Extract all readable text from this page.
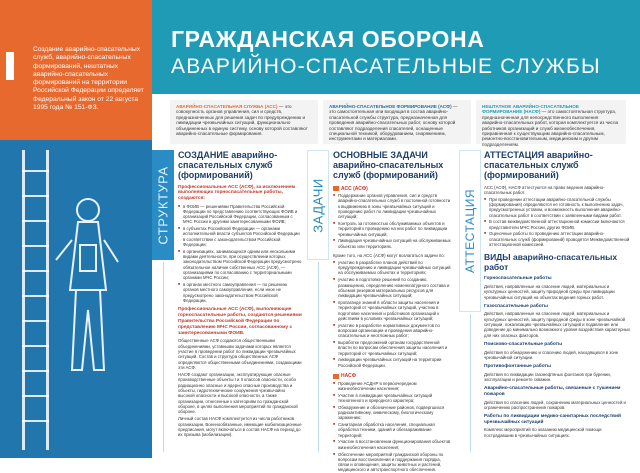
Создание аварийно-спасательных служб, аварийно-спасательных формирований, нештатных аварийно-спасательных формирований на территории Российской Федерации определяет Федеральный закон от 22 августа 1995 года № 151-ФЗ.
ГРАЖДАНСКАЯ ОБОРОНА
АВАРИЙНО-СПАСАТЕЛЬНЫЕ СЛУЖБЫ
АВАРИЙНО-СПАСАТЕЛЬНАЯ СЛУЖБА (АСС) — это совокупность органов управления, сил и средств, предназначенных для решения задач по предупреждению и ликвидации чрезвычайных ситуаций, функционально объединенных в единую систему, основу которой составляют аварийно-спасательные формирования.
АВАРИЙНО-СПАСАТЕЛЬНОЕ ФОРМИРОВАНИЕ (АСФ) — это самостоятельная или входящая в состав аварийно-спасательной службы структура, предназначенная для проведения аварийно-спасательных работ, основу которой составляют подразделения спасателей, оснащенные специальной техникой, оборудованием, снаряжением, инструментами и материалами.
НЕШТАТНОЕ АВАРИЙНО-СПАСАТЕЛЬНОЕ ФОРМИРОВАНИЕ (НАСФ) — это самостоятельная структура, предназначенная для непосредственного выполнения аварийно-спасательных работ, которая комплектуется из числа работников организаций и служб жизнеобеспечения, приравненная к существующим аварийно-спасательным, ремонтно-восстановительным, медицинским и другим подразделениям.
СТРУКТУРА	ЗАДАЧИ	АТТЕСТАЦИЯ
СОЗДАНИЕ аварийно-спасательных служб (формирований)
Профессиональные АСС (АСФ), за исключением выполняющих горноспасательные работы, создаются:
■ в ФОИВ — решениями Правительства Российской Федерации по представлению соответствующих ФОИВ и организаций Российской Федерации, согласованным с МЧС России и другими заинтересованными ФОИВ;
■ в субъектах Российской Федерации — органами исполнительной власти субъектов Российской Федерации в соответствии с законодательством Российской Федерации;
■ в организациях, занимающихся одним или несколькими видами деятельности, при осуществлении которых законодательством Российской Федерации предусмотрено обязательное наличие собственных АСС (АСФ), — организациями по согласованию с территориальными органами МЧС России;
■ в органах местного самоуправления — по решению органов местного самоуправления, если иное не предусмотрено законодательством Российской Федерации.
Профессиональные АСС (АСФ), выполняющие горноспасательные работы, создаются решениями Правительства Российской Федерации по представлению МЧС России, согласованному с заинтересованными ФОИВ.
Общественные АСФ создаются общественными объединениями, уставными задачами которых является участие в проведении работ по ликвидации чрезвычайных ситуаций. Состав и структура общественных АСФ определяются общественными объединениями, создающими эти АСФ.
НАСФ создают организации, эксплуатирующие опасные производственные объекты I и II классов опасности, особо радиационно опасные и ядерно опасные производства и объекты, гидротехнические сооружения чрезвычайно высокой опасности и высокой опасности, а также организации, отнесенные к категориям по гражданской обороне, в целях выполнения мероприятий по гражданской обороне.
Личный состав НАСФ комплектуется из числа работников организации. Военнообязанные, имеющие мобилизационные предписания, могут включаться в состав НАСФ на период до их призыва (мобилизации).
ОСНОВНЫЕ ЗАДАЧИ аварийно-спасательных служб (формирований)
АСС (АСФ)
■ Поддержание органов управления, сил и средств аварийно-спасательных служб в постоянной готовности к выдвижению в зоны чрезвычайных ситуаций и проведению работ по ликвидации чрезвычайных ситуаций;
■ Контроль за готовностью обслуживаемых объектов и территорий к проведению на них работ по ликвидации чрезвычайных ситуаций;
■ Ликвидация чрезвычайных ситуаций на обслуживаемых объектах или территориях.
Кроме того, на АСС (АСФ) могут возлагаться задачи по:
■ участию в разработке планов действий по предупреждению и ликвидации чрезвычайных ситуаций на обслуживаемых объектах и территориях;
■ участию в подготовке решений по созданию, размещению, определению номенклатурного состава и объемов резервов материальных ресурсов для ликвидации чрезвычайных ситуаций;
■ пропаганде знаний в области защиты населения и территорий от чрезвычайных ситуаций, участию в подготовке населения и работников организаций к действиям в условиях чрезвычайных ситуаций;
■ участию в разработке нормативных документов по вопросам организации и проведения аварийно-спасательных и неотложных работ;
■ выработке предложений органам государственной власти по вопросам обеспечения защиты населения и территорий от чрезвычайных ситуаций;
■ ликвидации чрезвычайных ситуаций на территории Российской Федерации.
НАСФ
■ Проведение АСДНР в первоочередном жизнеобеспечении населения;
■ Участие в ликвидации чрезвычайных ситуаций техногенного и природного характера;
■ Обнаружение и обозначение районов, подвергшихся радиоактивному, химическому, биологическому заражению;
■ Санитарная обработка населения, специальная обработка техники, зданий и обеззараживание территорий;
■ Участие в восстановлении функционирования объектов жизнеобеспечения населения;
■ Обеспечение мероприятий гражданской обороны по вопросам восстановления и поддержания порядка, связи и оповещения, защиты животных и растений, медицинского и автотранспортного обеспечения.
АТТЕСТАЦИЯ аварийно-спасательных служб (формирований)
АСС (АСФ), НАСФ аттестуются на право ведения аварийно-спасательных работ.
■ При проведении аттестации аварийно-спасательной службы (формирования) определяются ее готовность к выполнению задач, предусмотренных уставом, и возможность выполнения аварийно-спасательных работ в соответствии с заявленными видами работ.
■ В состав межведомственной аттестационной комиссии включаются представители МЧС России, других ФОИВ.
■ Оценочные работы по проведению аттестации аварийно-спасательных служб (формирований) проводятся Межведомственной аттестационной комиссией.
ВИДЫ аварийно-спасательных работ
Горноспасательные работы
Действия, направленные на спасение людей, материальных и культурных ценностей, защиту природной среды при ликвидации чрезвычайных ситуаций на объектах ведения горных работ.
Газоспасательные работы
Действия, направленные на спасение людей, материальных и культурных ценностей, защиту природной среды в зоне чрезвычайной ситуации, локализацию чрезвычайных ситуаций и подавление или доведение до минимально возможного уровня воздействия характерных для них опасных факторов.
Поисково-спасательные работы
Действия по обнаружению и спасению людей, находящихся в зоне чрезвычайной ситуации.
Противофонтанные работы
Действия по ликвидации газонефтяных фонтанов при бурении, эксплуатации и ремонте скважин.
Аварийно-спасательные работы, связанные с тушением пожаров
Действия по спасению людей, сохранению материальных ценностей и ограничению распространения пожаров.
Работы по ликвидации медико-санитарных последствий чрезвычайных ситуаций
Комплекс мероприятий по оказанию медицинской помощи пострадавшим в чрезвычайных ситуациях.
